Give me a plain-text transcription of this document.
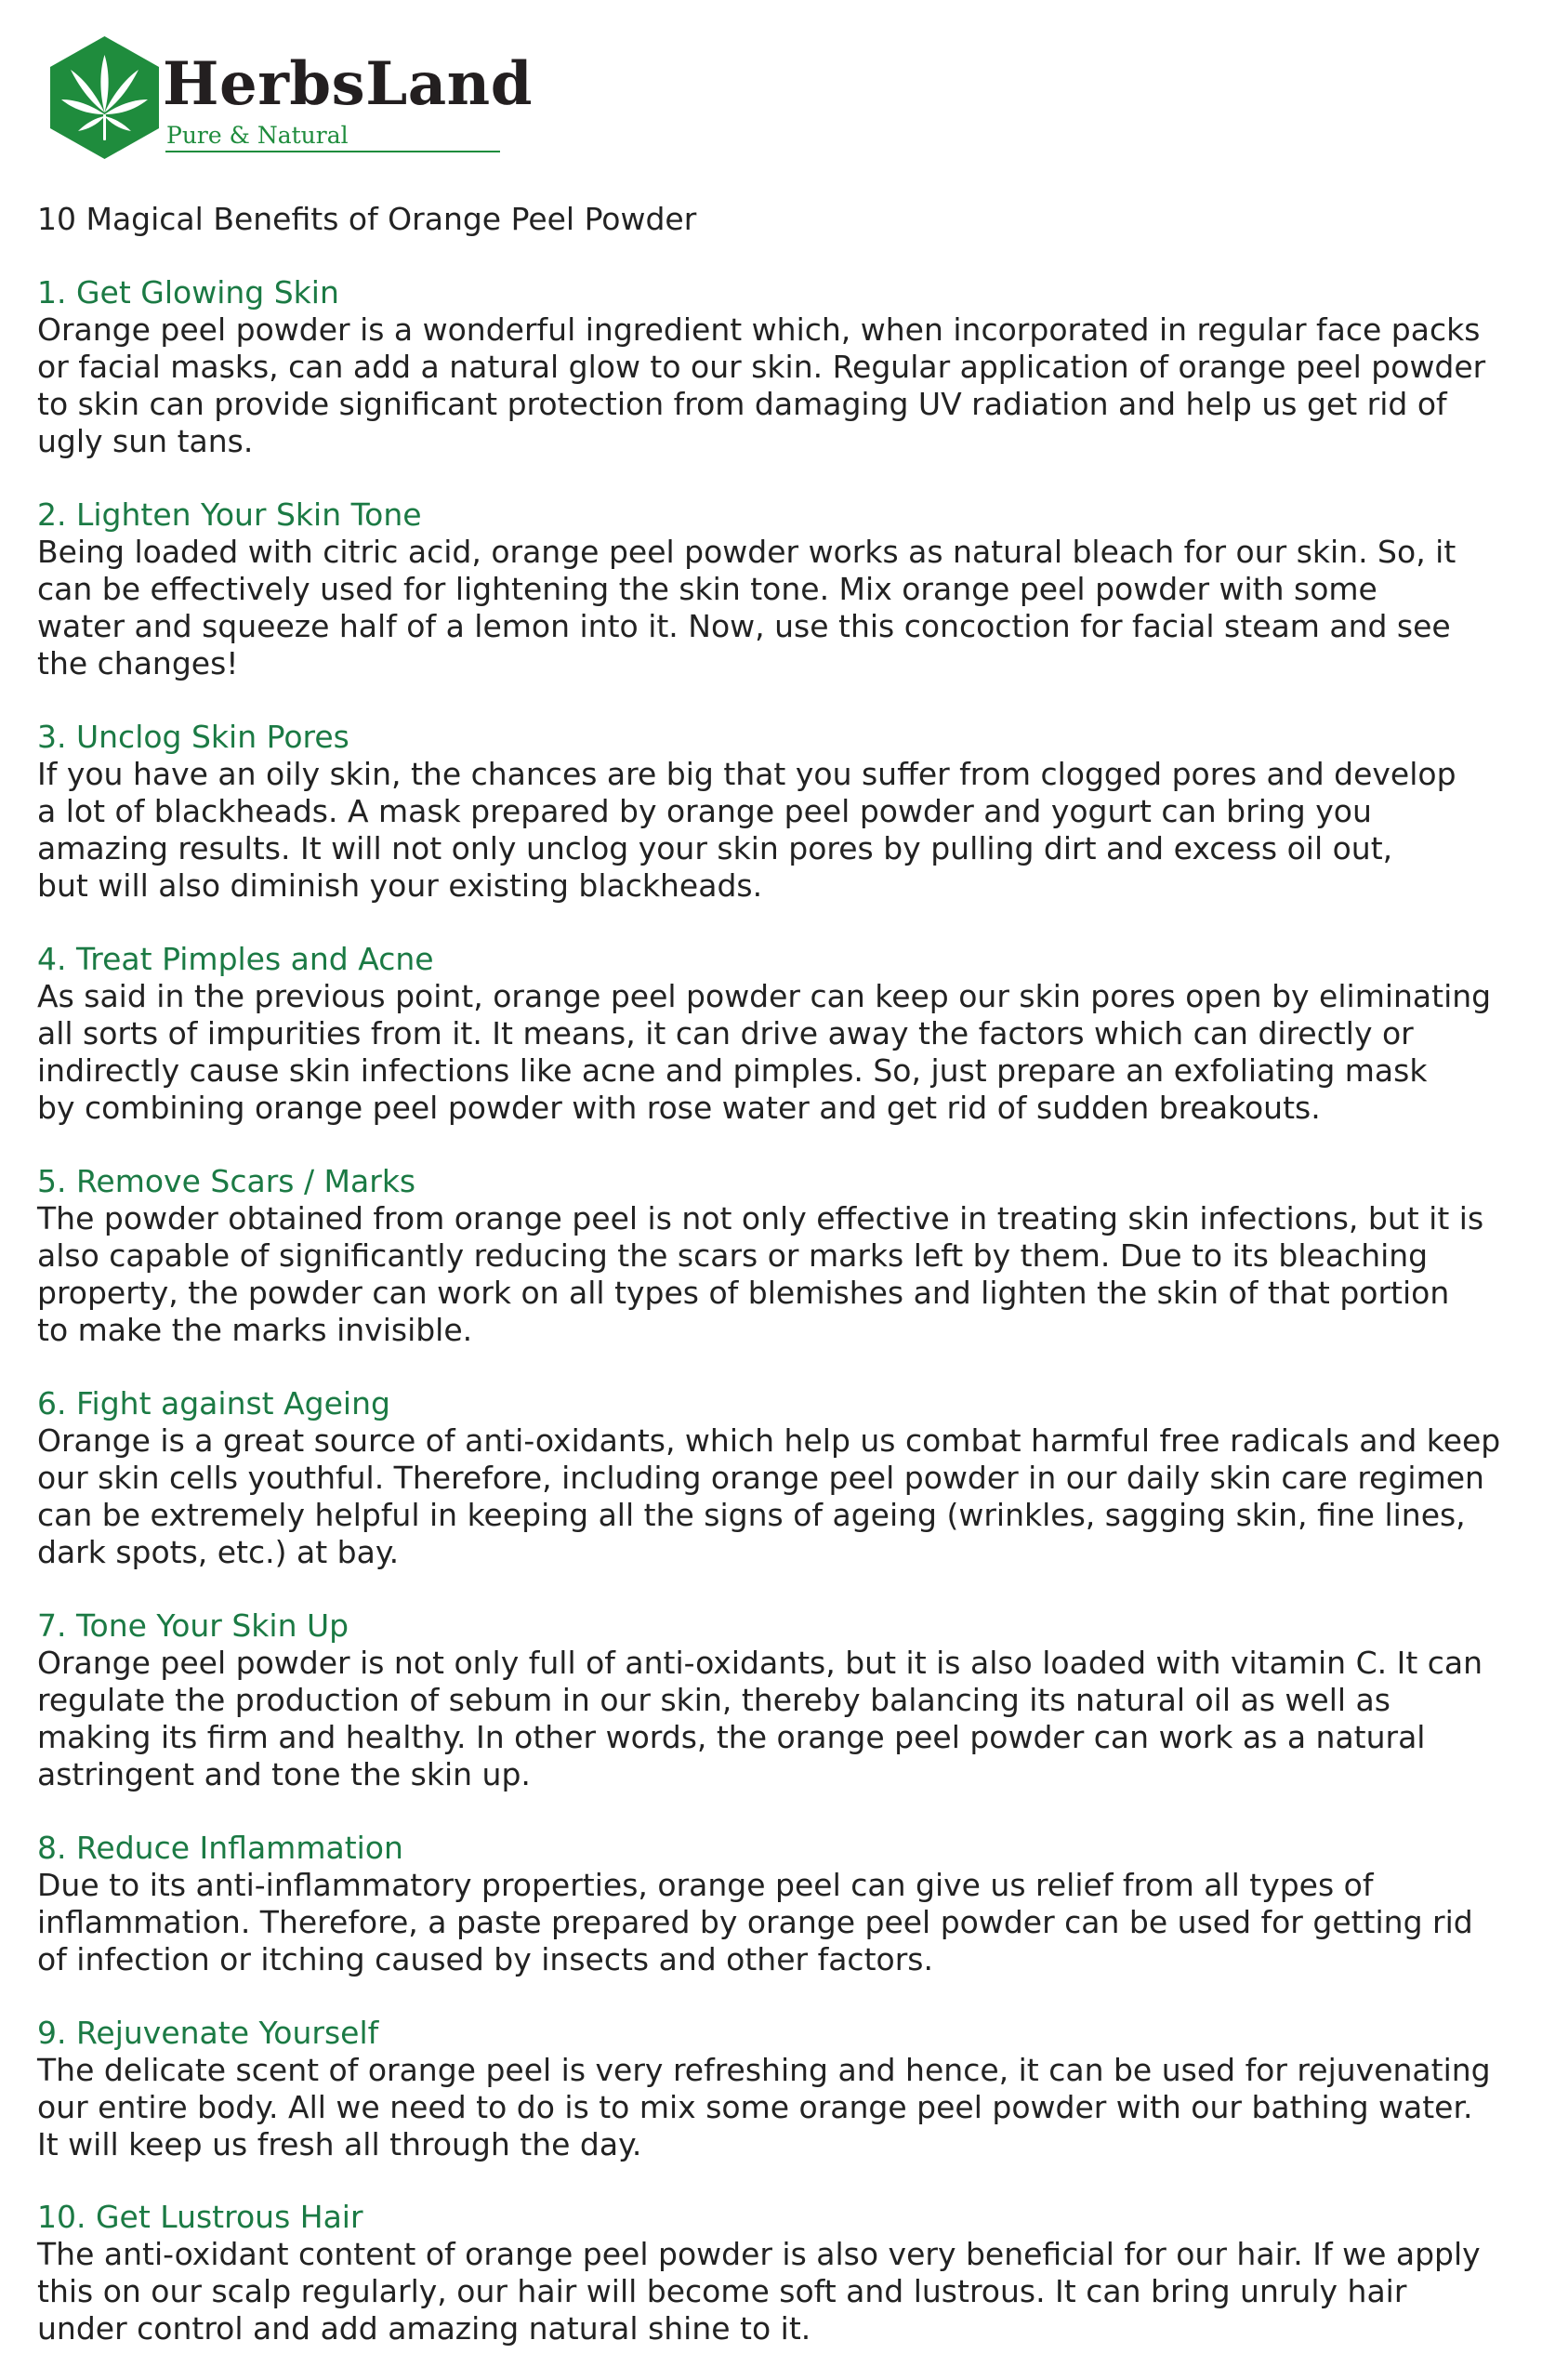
HerbsLand
Pure & Natural
10 Magical Benefits of Orange Peel Powder
1. Get Glowing Skin

Orange peel powder is a wonderful ingredient which, when incorporated in regular face packs

or facial masks, can add a natural glow to our skin. Regular application of orange peel powder

to skin can provide significant protection from damaging UV radiation and help us get rid of

ugly sun tans.

2. Lighten Your Skin Tone

Being loaded with citric acid, orange peel powder works as natural bleach for our skin. So, it

can be effectively used for lightening the skin tone. Mix orange peel powder with some

water and squeeze half of a lemon into it. Now, use this concoction for facial steam and see

the changes!

3. Unclog Skin Pores

If you have an oily skin, the chances are big that you suffer from clogged pores and develop

a lot of blackheads. A mask prepared by orange peel powder and yogurt can bring you

amazing results. It will not only unclog your skin pores by pulling dirt and excess oil out,

but will also diminish your existing blackheads.

4. Treat Pimples and Acne

As said in the previous point, orange peel powder can keep our skin pores open by eliminating

all sorts of impurities from it. It means, it can drive away the factors which can directly or

indirectly cause skin infections like acne and pimples. So, just prepare an exfoliating mask

by combining orange peel powder with rose water and get rid of sudden breakouts.

5. Remove Scars / Marks

The powder obtained from orange peel is not only effective in treating skin infections, but it is

also capable of significantly reducing the scars or marks left by them. Due to its bleaching

property, the powder can work on all types of blemishes and lighten the skin of that portion

to make the marks invisible.

6. Fight against Ageing

Orange is a great source of anti-oxidants, which help us combat harmful free radicals and keep

our skin cells youthful. Therefore, including orange peel powder in our daily skin care regimen

can be extremely helpful in keeping all the signs of ageing (wrinkles, sagging skin, fine lines,

dark spots, etc.) at bay.

7. Tone Your Skin Up

Orange peel powder is not only full of anti-oxidants, but it is also loaded with vitamin C. It can

regulate the production of sebum in our skin, thereby balancing its natural oil as well as

making its firm and healthy. In other words, the orange peel powder can work as a natural

astringent and tone the skin up.

8. Reduce Inflammation

Due to its anti-inflammatory properties, orange peel can give us relief from all types of

inflammation. Therefore, a paste prepared by orange peel powder can be used for getting rid

of infection or itching caused by insects and other factors.

9. Rejuvenate Yourself

The delicate scent of orange peel is very refreshing and hence, it can be used for rejuvenating

our entire body. All we need to do is to mix some orange peel powder with our bathing water.

It will keep us fresh all through the day.

10. Get Lustrous Hair

The anti-oxidant content of orange peel powder is also very beneficial for our hair. If we apply

this on our scalp regularly, our hair will become soft and lustrous. It can bring unruly hair

under control and add amazing natural shine to it.
